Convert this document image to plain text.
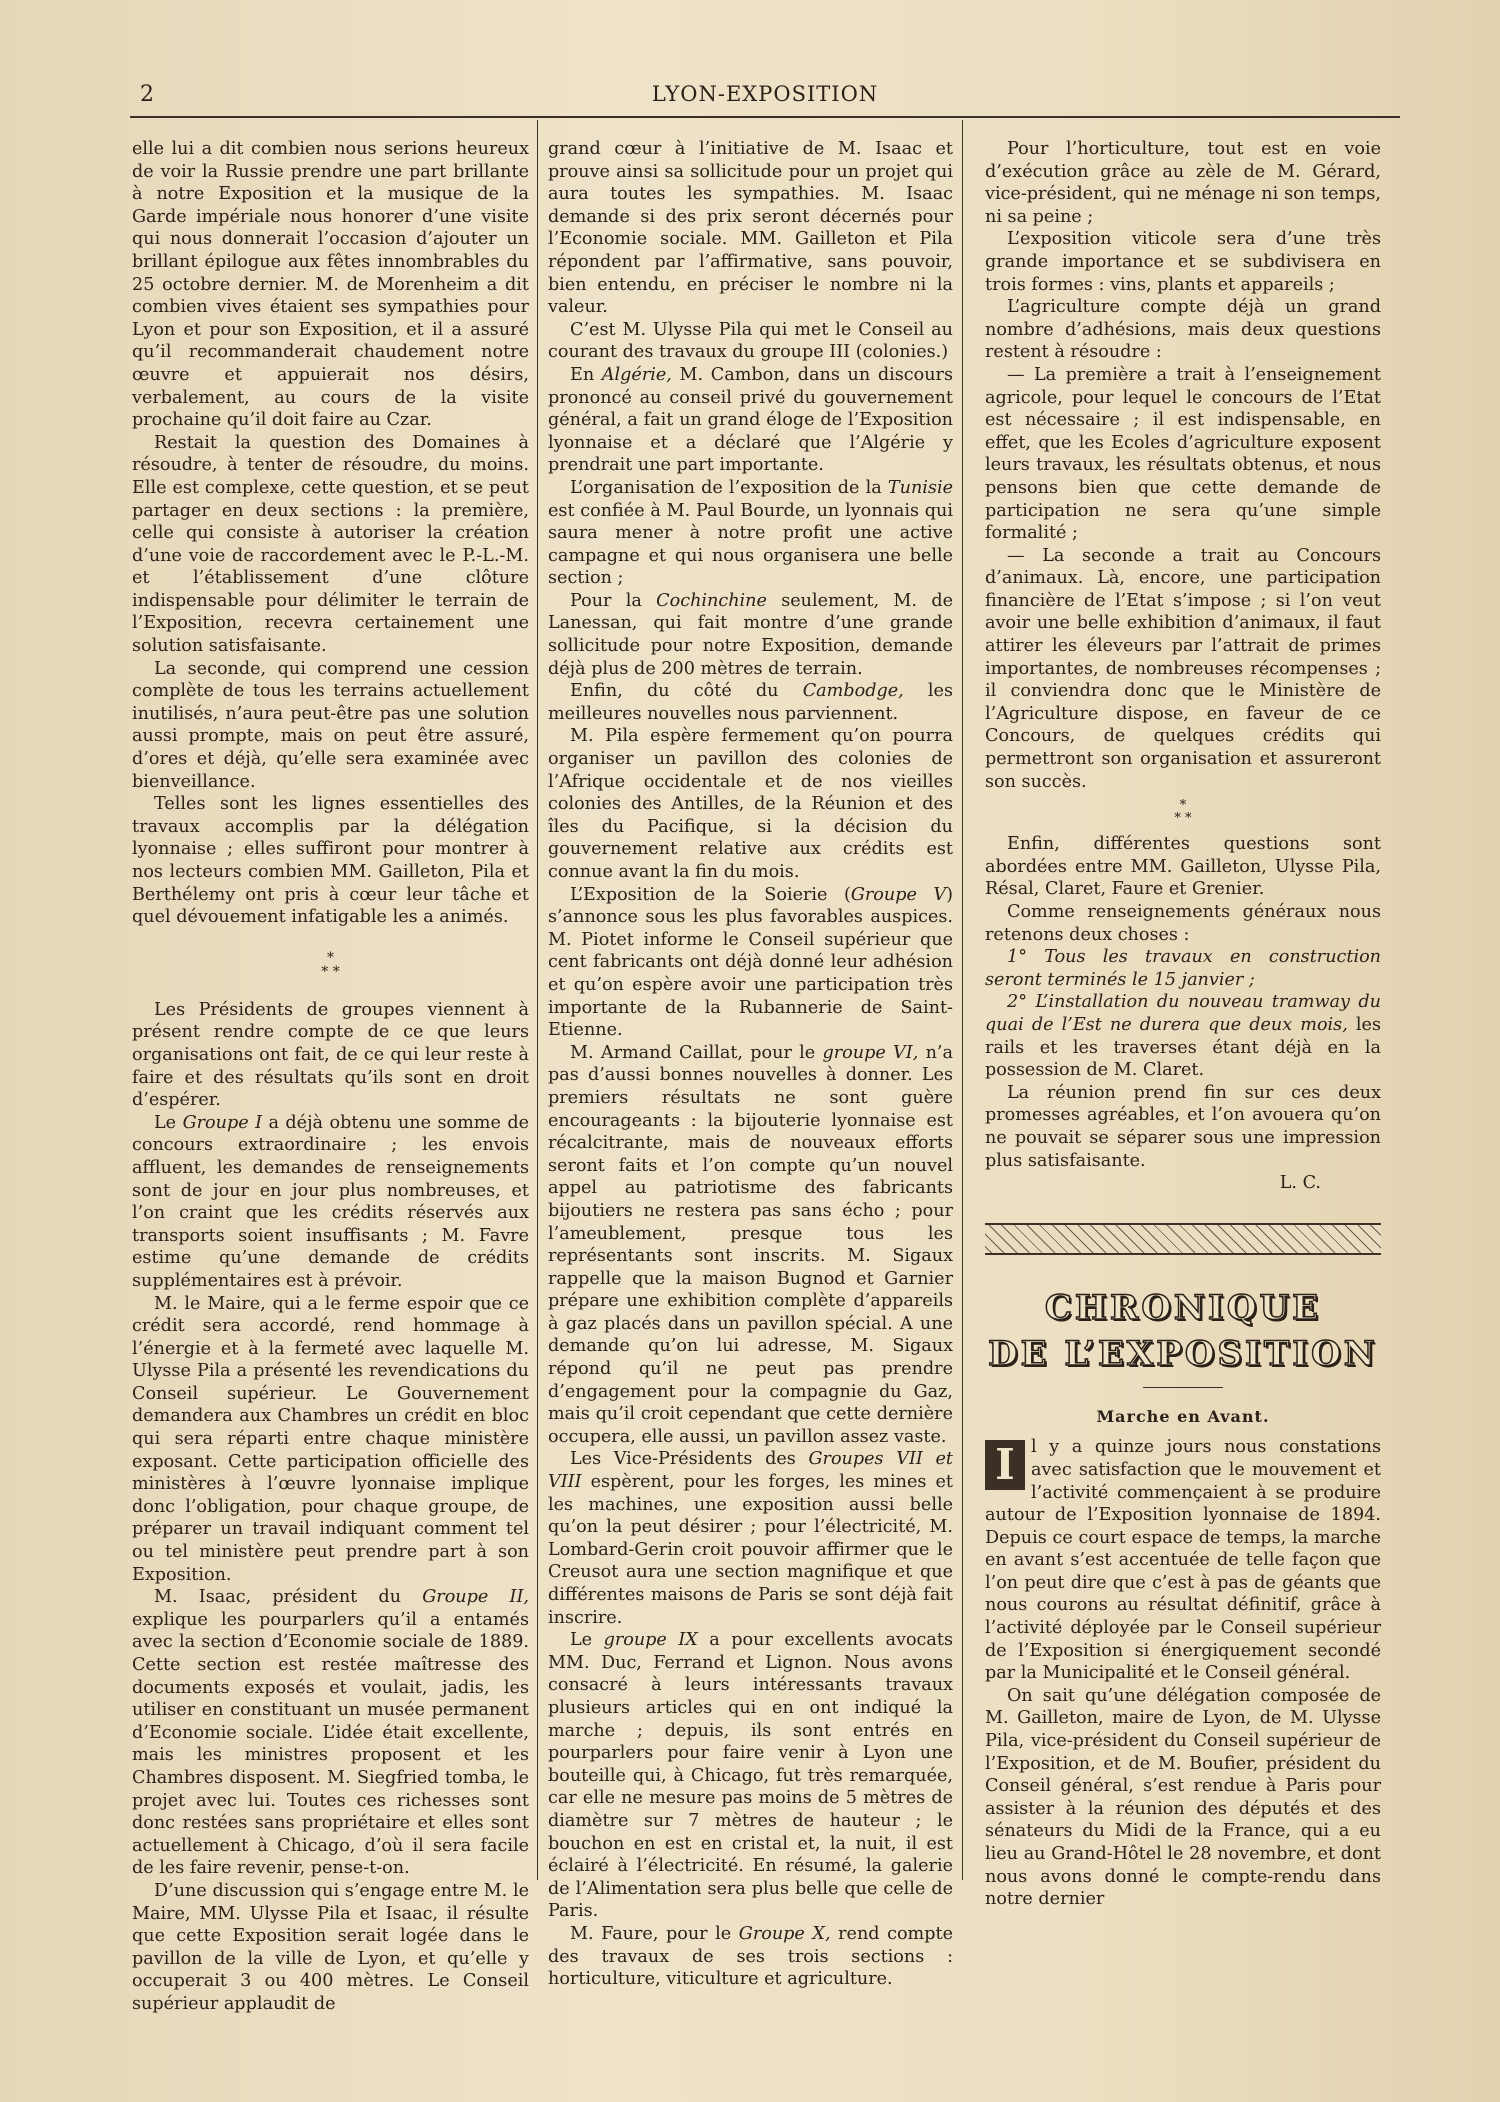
2	LYON-EXPOSITION

elle lui a dit combien nous serions heureux de voir la Russie prendre une part brillante à notre Exposition et la musique de la Garde impériale nous honorer d’une visite qui nous donnerait l’occasion d’ajouter un brillant épilogue aux fêtes innombrables du 25 octobre dernier. M. de Morenheim a dit combien vives étaient ses sympathies pour Lyon et pour son Exposition, et il a assuré qu’il recommanderait chaudement notre œuvre et appuierait nos désirs, verbalement, au cours de la visite prochaine qu’il doit faire au Czar.

Restait la question des Domaines à résoudre, à tenter de résoudre, du moins. Elle est complexe, cette question, et se peut partager en deux sections : la première, celle qui consiste à autoriser la création d’une voie de raccordement avec le P.-L.-M. et l’établissement d’une clôture indispensable pour délimiter le terrain de l’Exposition, recevra certainement une solution satisfaisante.

La seconde, qui comprend une cession complète de tous les terrains actuellement inutilisés, n’aura peut-être pas une solution aussi prompte, mais on peut être assuré, d’ores et déjà, qu’elle sera examinée avec bienveillance.

Telles sont les lignes essentielles des travaux accomplis par la délégation lyonnaise ; elles suffiront pour montrer à nos lecteurs combien MM. Gailleton, Pila et Berthélemy ont pris à cœur leur tâche et quel dévouement infatigable les a animés.

*
* *

Les Présidents de groupes viennent à présent rendre compte de ce que leurs organisations ont fait, de ce qui leur reste à faire et des résultats qu’ils sont en droit d’espérer.

Le Groupe I a déjà obtenu une somme de concours extraordinaire ; les envois affluent, les demandes de renseignements sont de jour en jour plus nombreuses, et l’on craint que les crédits réservés aux transports soient insuffisants ; M. Favre estime qu’une demande de crédits supplémentaires est à prévoir.

M. le Maire, qui a le ferme espoir que ce crédit sera accordé, rend hommage à l’énergie et à la fermeté avec laquelle M. Ulysse Pila a présenté les revendications du Conseil supérieur. Le Gouvernement demandera aux Chambres un crédit en bloc qui sera réparti entre chaque ministère exposant. Cette participation officielle des ministères à l’œuvre lyonnaise implique donc l’obligation, pour chaque groupe, de préparer un travail indiquant comment tel ou tel ministère peut prendre part à son Exposition.

M. Isaac, président du Groupe II, explique les pourparlers qu’il a entamés avec la section d’Economie sociale de 1889. Cette section est restée maîtresse des documents exposés et voulait, jadis, les utiliser en constituant un musée permanent d’Economie sociale. L’idée était excellente, mais les ministres proposent et les Chambres disposent. M. Siegfried tomba, le projet avec lui. Toutes ces richesses sont donc restées sans propriétaire et elles sont actuellement à Chicago, d’où il sera facile de les faire revenir, pense-t-on.

D’une discussion qui s’engage entre M. le Maire, MM. Ulysse Pila et Isaac, il résulte que cette Exposition serait logée dans le pavillon de la ville de Lyon, et qu’elle y occuperait 3 ou 400 mètres. Le Conseil supérieur applaudit de

grand cœur à l’initiative de M. Isaac et prouve ainsi sa sollicitude pour un projet qui aura toutes les sympathies. M. Isaac demande si des prix seront décernés pour l’Economie sociale. MM. Gailleton et Pila répondent par l’affirmative, sans pouvoir, bien entendu, en préciser le nombre ni la valeur.

C’est M. Ulysse Pila qui met le Conseil au courant des travaux du groupe III (colonies.)

En Algérie, M. Cambon, dans un discours prononcé au conseil privé du gouvernement général, a fait un grand éloge de l’Exposition lyonnaise et a déclaré que l’Algérie y prendrait une part importante.

L’organisation de l’exposition de la Tunisie est confiée à M. Paul Bourde, un lyonnais qui saura mener à notre profit une active campagne et qui nous organisera une belle section ;

Pour la Cochinchine seulement, M. de Lanessan, qui fait montre d’une grande sollicitude pour notre Exposition, demande déjà plus de 200 mètres de terrain.

Enfin, du côté du Cambodge, les meilleures nouvelles nous parviennent.

M. Pila espère fermement qu’on pourra organiser un pavillon des colonies de l’Afrique occidentale et de nos vieilles colonies des Antilles, de la Réunion et des îles du Pacifique, si la décision du gouvernement relative aux crédits est connue avant la fin du mois.

L’Exposition de la Soierie (Groupe V) s’annonce sous les plus favorables auspices. M. Piotet informe le Conseil supérieur que cent fabricants ont déjà donné leur adhésion et qu’on espère avoir une participation très importante de la Rubannerie de Saint-Etienne.

M. Armand Caillat, pour le groupe VI, n’a pas d’aussi bonnes nouvelles à donner. Les premiers résultats ne sont guère encourageants : la bijouterie lyonnaise est récalcitrante, mais de nouveaux efforts seront faits et l’on compte qu’un nouvel appel au patriotisme des fabricants bijoutiers ne restera pas sans écho ; pour l’ameublement, presque tous les représentants sont inscrits. M. Sigaux rappelle que la maison Bugnod et Garnier prépare une exhibition complète d’appareils à gaz placés dans un pavillon spécial. A une demande qu’on lui adresse, M. Sigaux répond qu’il ne peut pas prendre d’engagement pour la compagnie du Gaz, mais qu’il croit cependant que cette dernière occupera, elle aussi, un pavillon assez vaste.

Les Vice-Présidents des Groupes VII et VIII espèrent, pour les forges, les mines et les machines, une exposition aussi belle qu’on la peut désirer ; pour l’électricité, M. Lombard-Gerin croit pouvoir affirmer que le Creusot aura une section magnifique et que différentes maisons de Paris se sont déjà fait inscrire.

Le groupe IX a pour excellents avocats MM. Duc, Ferrand et Lignon. Nous avons consacré à leurs intéressants travaux plusieurs articles qui en ont indiqué la marche ; depuis, ils sont entrés en pourparlers pour faire venir à Lyon une bouteille qui, à Chicago, fut très remarquée, car elle ne mesure pas moins de 5 mètres de diamètre sur 7 mètres de hauteur ; le bouchon en est en cristal et, la nuit, il est éclairé à l’électricité. En résumé, la galerie de l’Alimentation sera plus belle que celle de Paris.

M. Faure, pour le Groupe X, rend compte des travaux de ses trois sections : horticulture, viticulture et agriculture.

Pour l’horticulture, tout est en voie d’exécution grâce au zèle de M. Gérard, vice-président, qui ne ménage ni son temps, ni sa peine ;

L’exposition viticole sera d’une très grande importance et se subdivisera en trois formes : vins, plants et appareils ;

L’agriculture compte déjà un grand nombre d’adhésions, mais deux questions restent à résoudre :

— La première a trait à l’enseignement agricole, pour lequel le concours de l’Etat est nécessaire ; il est indispensable, en effet, que les Ecoles d’agriculture exposent leurs travaux, les résultats obtenus, et nous pensons bien que cette demande de participation ne sera qu’une simple formalité ;

— La seconde a trait au Concours d’animaux. Là, encore, une participation financière de l’Etat s’impose ; si l’on veut avoir une belle exhibition d’animaux, il faut attirer les éleveurs par l’attrait de primes importantes, de nombreuses récompenses ; il conviendra donc que le Ministère de l’Agriculture dispose, en faveur de ce Concours, de quelques crédits qui permettront son organisation et assureront son succès.

*
* *

Enfin, différentes questions sont abordées entre MM. Gailleton, Ulysse Pila, Résal, Claret, Faure et Grenier.

Comme renseignements généraux nous retenons deux choses :

1° Tous les travaux en construction seront terminés le 15 janvier ;

2° L’installation du nouveau tramway du quai de l’Est ne durera que deux mois, les rails et les traverses étant déjà en la possession de M. Claret.

La réunion prend fin sur ces deux promesses agréables, et l’on avouera qu’on ne pouvait se séparer sous une impression plus satisfaisante.

L. C.

CHRONIQUE
DE L’EXPOSITION
Marche en Avant.

I l y a quinze jours nous constations avec satisfaction que le mouvement et l’activité commençaient à se produire autour de l’Exposition lyonnaise de 1894. Depuis ce court espace de temps, la marche en avant s’est accentuée de telle façon que l’on peut dire que c’est à pas de géants que nous courons au résultat définitif, grâce à l’activité déployée par le Conseil supérieur de l’Exposition si énergiquement secondé par la Municipalité et le Conseil général.

On sait qu’une délégation composée de M. Gailleton, maire de Lyon, de M. Ulysse Pila, vice-président du Conseil supérieur de l’Exposition, et de M. Boufier, président du Conseil général, s’est rendue à Paris pour assister à la réunion des députés et des sénateurs du Midi de la France, qui a eu lieu au Grand-Hôtel le 28 novembre, et dont nous avons donné le compte-rendu dans notre dernier
